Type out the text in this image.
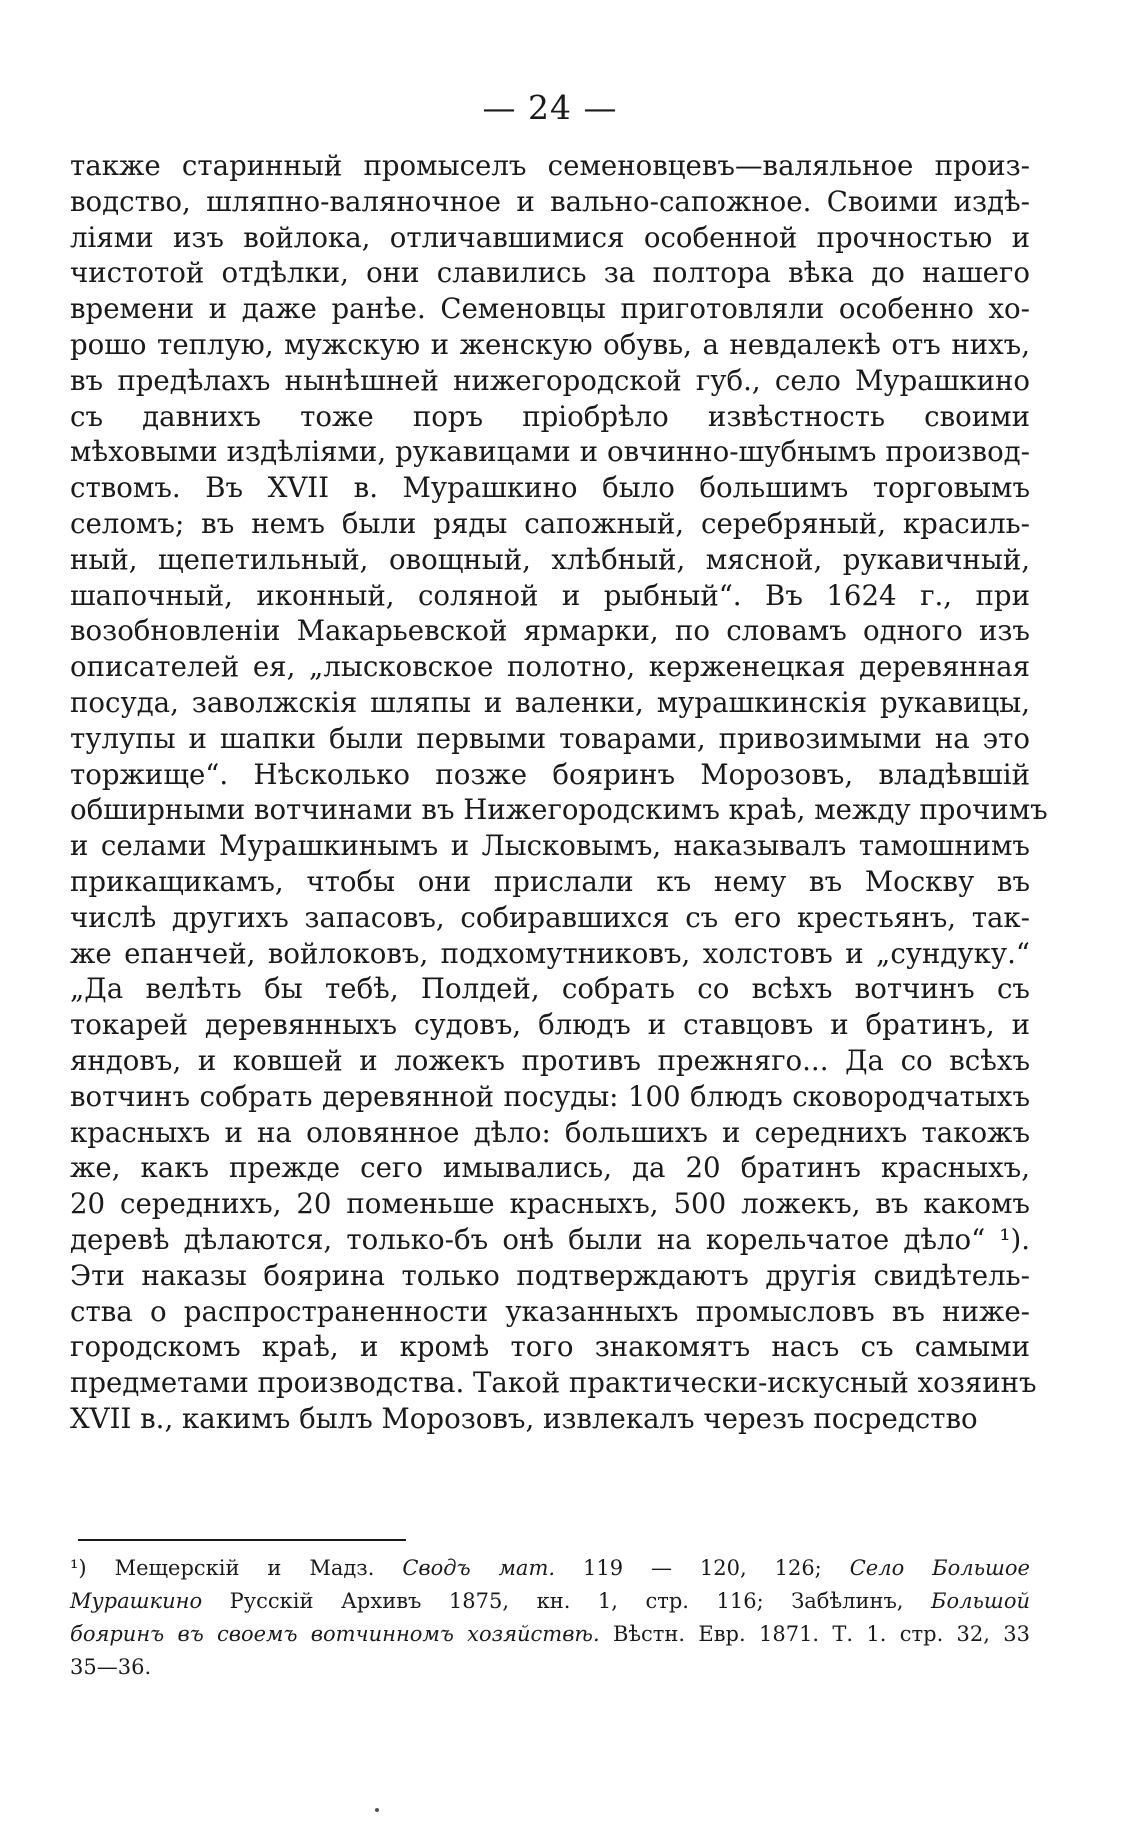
— 24 —
также старинный промыселъ семеновцевъ—валяльное произ-
водство, шляпно-валяночное и вально-сапожное. Своими издѣ-
ліями изъ войлока, отличавшимися особенной прочностью и
чистотой отдѣлки, они славились за полтора вѣка до нашего
времени и даже ранѣе. Семеновцы приготовляли особенно хо-
рошо теплую, мужскую и женскую обувь, а невдалекѣ отъ нихъ,
въ предѣлахъ нынѣшней нижегородской губ., село Мурашкино
съ давнихъ тоже поръ пріобрѣло извѣстность своими
мѣховыми издѣліями, рукавицами и овчинно-шубнымъ производ-
ствомъ. Въ XVII в. Мурашкино было большимъ торговымъ
селомъ; въ немъ были ряды сапожный, серебряный, красиль-
ный, щепетильный, овощный, хлѣбный, мясной, рукавичный,
шапочный, иконный, соляной и рыбный“. Въ 1624 г., при
возобновленіи Макарьевской ярмарки, по словамъ одного изъ
описателей ея, „лысковское полотно, керженецкая деревянная
посуда, заволжскія шляпы и валенки, мурашкинскія рукавицы,
тулупы и шапки были первыми товарами, привозимыми на это
торжище“. Нѣсколько позже бояринъ Морозовъ, владѣвшій
обширными вотчинами въ Нижегородскимъ краѣ, между прочимъ
и селами Мурашкинымъ и Лысковымъ, наказывалъ тамошнимъ
прикащикамъ, чтобы они прислали къ нему въ Москву въ
числѣ другихъ запасовъ, собиравшихся съ его крестьянъ, так-
же епанчей, войлоковъ, подхомутниковъ, холстовъ и „сундуку.“
„Да велѣть бы тебѣ, Полдей, собрать со всѣхъ вотчинъ съ
токарей деревянныхъ судовъ, блюдъ и ставцовъ и братинъ, и
яндовъ, и ковшей и ложекъ противъ прежняго... Да со всѣхъ
вотчинъ собрать деревянной посуды: 100 блюдъ сковородчатыхъ
красныхъ и на оловянное дѣло: большихъ и середнихъ такожъ
же, какъ прежде сего имывались, да 20 братинъ красныхъ,
20 середнихъ, 20 поменьше красныхъ, 500 ложекъ, въ какомъ
деревѣ дѣлаются, только-бъ онѣ были на корельчатое дѣло“ ¹).
Эти наказы боярина только подтверждаютъ другія свидѣтель-
ства о распространенности указанныхъ промысловъ въ ниже-
городскомъ краѣ, и кромѣ того знакомятъ насъ съ самыми
предметами производства. Такой практически-искусный хозяинъ
XVII в., какимъ былъ Морозовъ, извлекалъ черезъ посредство
¹) Мещерскій и Мадз. Сводъ мат. 119 — 120, 126; Село Большое
Мурашкино Русскій Архивъ 1875, кн. 1, стр. 116; Забѣлинъ, Большой
бояринъ въ своемъ вотчинномъ хозяйствѣ. Вѣстн. Евр. 1871. Т. 1. стр. 32, 33
35—36.
